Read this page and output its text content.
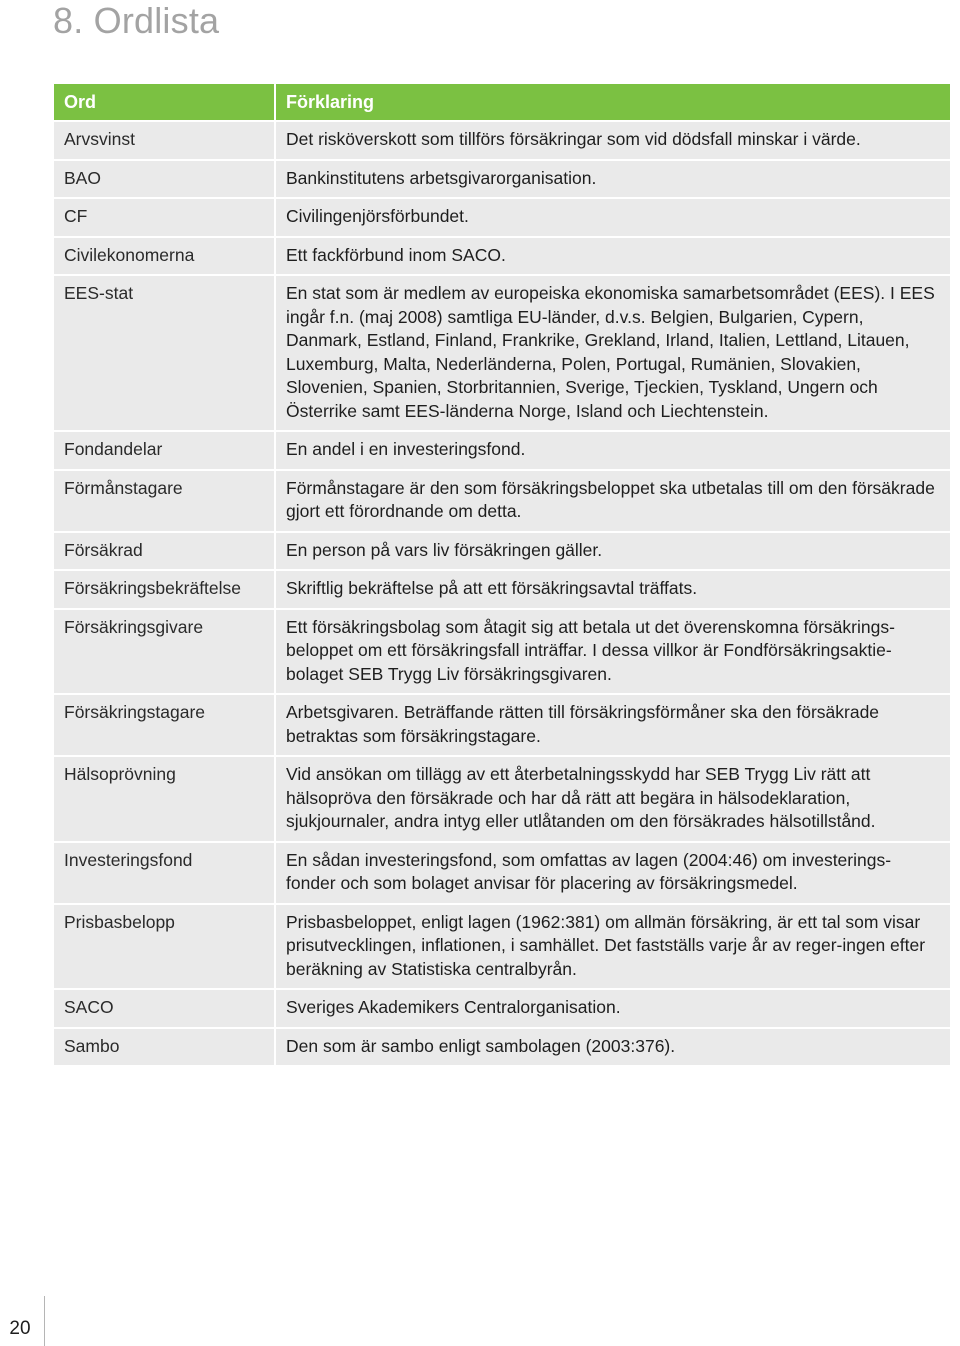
8. Ordlista
Ord	Förklaring
Arvsvinst	Det risköverskott som tillförs försäkringar som vid dödsfall minskar i värde.
BAO	Bankinstitutens arbetsgivarorganisation.
CF	Civilingenjörsförbundet.
Civilekonomerna	Ett fackförbund inom SACO.
EES-stat	En stat som är medlem av europeiska ekonomiska samarbetsområdet (EES). I EES ingår f.n. (maj 2008) samtliga EU-länder, d.v.s. Belgien, Bulgarien, Cypern, Danmark, Estland, Finland, Frankrike, Grekland, Irland, Italien, Lettland, Litauen, Luxemburg, Malta, Nederländerna, Polen, Portugal, Rumänien, Slovakien, Slovenien, Spanien, Storbritannien, Sverige, Tjeckien, Tyskland, Ungern och Österrike samt EES-länderna Norge, Island och Liechtenstein.
Fondandelar	En andel i en investeringsfond.
Förmånstagare	Förmånstagare är den som försäkringsbeloppet ska utbetalas till om den försäkrade gjort ett förordnande om detta.
Försäkrad	En person på vars liv försäkringen gäller.
Försäkringsbekräftelse	Skriftlig bekräftelse på att ett försäkringsavtal träffats.
Försäkringsgivare	Ett försäkringsbolag som åtagit sig att betala ut det överenskomna försäkrings-beloppet om ett försäkringsfall inträffar. I dessa villkor är Fondförsäkringsaktie-bolaget SEB Trygg Liv försäkringsgivaren.
Försäkringstagare	Arbetsgivaren. Beträffande rätten till försäkringsförmåner ska den försäkrade betraktas som försäkringstagare.
Hälsoprövning	Vid ansökan om tillägg av ett återbetalningsskydd har SEB Trygg Liv rätt att hälsopröva den försäkrade och har då rätt att begära in hälsodeklaration, sjukjournaler, andra intyg eller utlåtanden om den försäkrades hälsotillstånd.
Investeringsfond	En sådan investeringsfond, som omfattas av lagen (2004:46) om investerings-fonder och som bolaget anvisar för placering av försäkringsmedel.
Prisbasbelopp	Prisbasbeloppet, enligt lagen (1962:381) om allmän försäkring, är ett tal som visar prisutvecklingen, inflationen, i samhället. Det fastställs varje år av reger-ingen efter beräkning av Statistiska centralbyrån.
SACO	Sveriges Akademikers Centralorganisation.
Sambo	Den som är sambo enligt sambolagen (2003:376).
20
